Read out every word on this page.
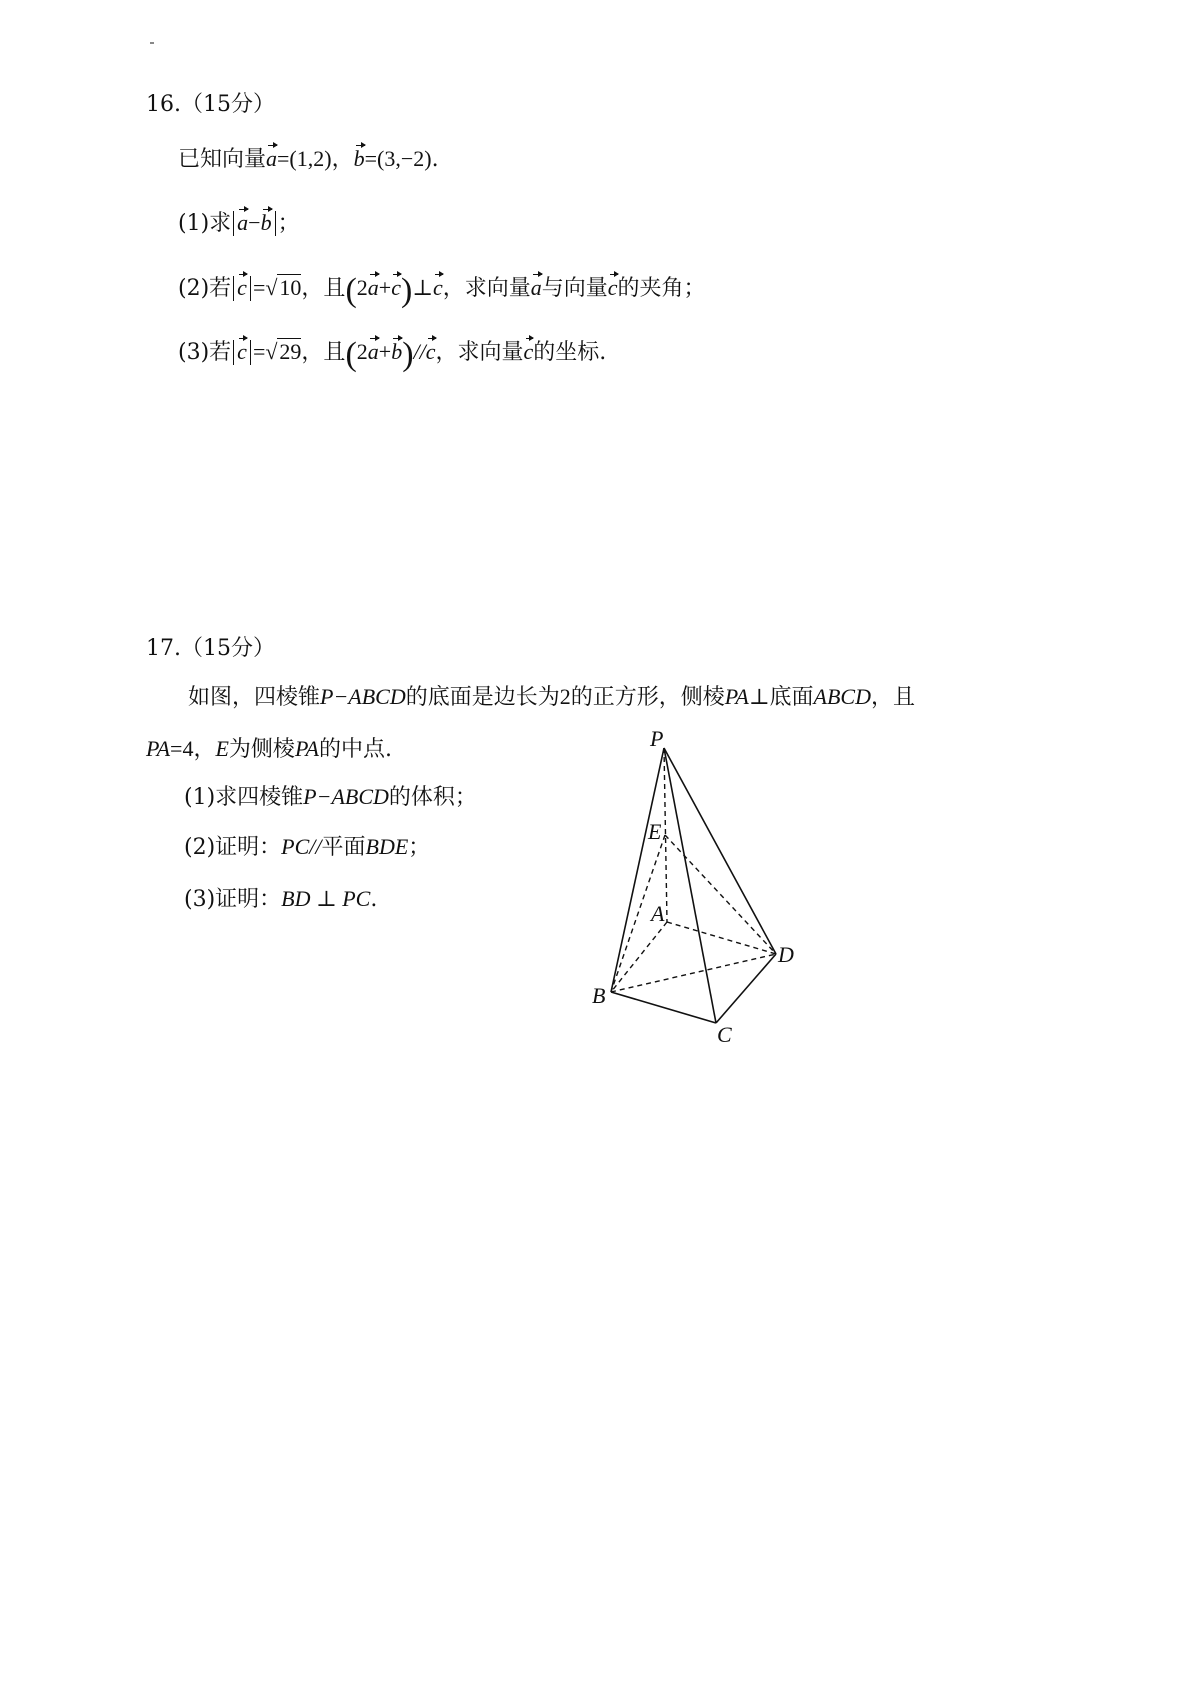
16.（15分）
已知向量a=(1,2)，b=(3,−2).
(1)求 a−b ；
(2)若 c =√10，且(2a+c)⊥c，求向量a与向量c的夹角；
(3)若 c =√29，且(2a+b)//c，求向量c的坐标.
17.（15分）
如图，四棱锥P−ABCD的底面是边长为2的正方形，侧棱PA⊥底面ABCD，且
PA=4，E为侧棱PA的中点.
(1)求四棱锥P−ABCD的体积；
(2)证明：PC//平面BDE；
(3)证明：BD ⊥ PC.
P
E
A
B
C
D
